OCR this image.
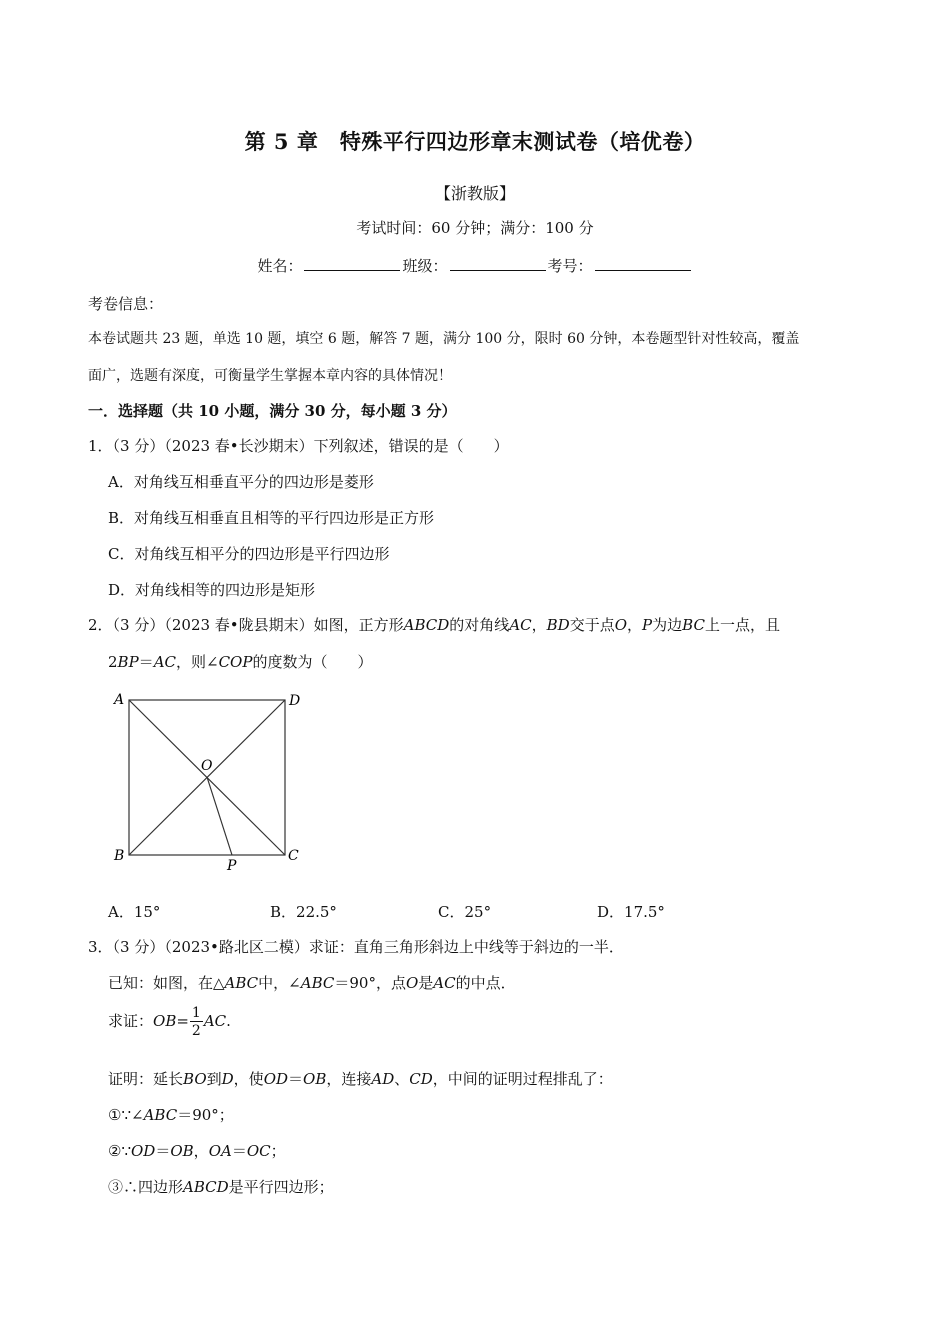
第 5 章　特殊平行四边形章末测试卷（培优卷）
【浙教版】
考试时间：60 分钟；满分：100 分
姓名：	班级：	考号：
考卷信息：
本卷试题共 23 题，单选 10 题，填空 6 题，解答 7 题，满分 100 分，限时 60 分钟，本卷题型针对性较高，覆盖
面广，选题有深度，可衡量学生掌握本章内容的具体情况！
一．选择题（共 10 小题，满分 30 分，每小题 3 分）
1．（3 分）（2023 春•长沙期末）下列叙述，错误的是（　　）
A．对角线互相垂直平分的四边形是菱形
B．对角线互相垂直且相等的平行四边形是正方形
C．对角线互相平分的四边形是平行四边形
D．对角线相等的四边形是矩形
2．（3 分）（2023 春•陇县期末）如图，正方形ABCD的对角线AC，BD交于点O，P为边BC上一点，且
2BP＝AC，则∠COP的度数为（　　）
A	D
O
B
P
C
A．15°	B．22.5°	C．25°	D．17.5°
3．（3 分）（2023•路北区二模）求证：直角三角形斜边上中线等于斜边的一半．
已知：如图，在△ABC中，∠ABC＝90°，点O是AC的中点．
求证：$OB= \frac{1}{2}$ AC.
证明：延长BO到D，使OD＝OB，连接AD、CD，中间的证明过程排乱了：
①∵∠ABC＝90°；
②∵OD＝OB，OA＝OC；
③∴四边形ABCD是平行四边形；
